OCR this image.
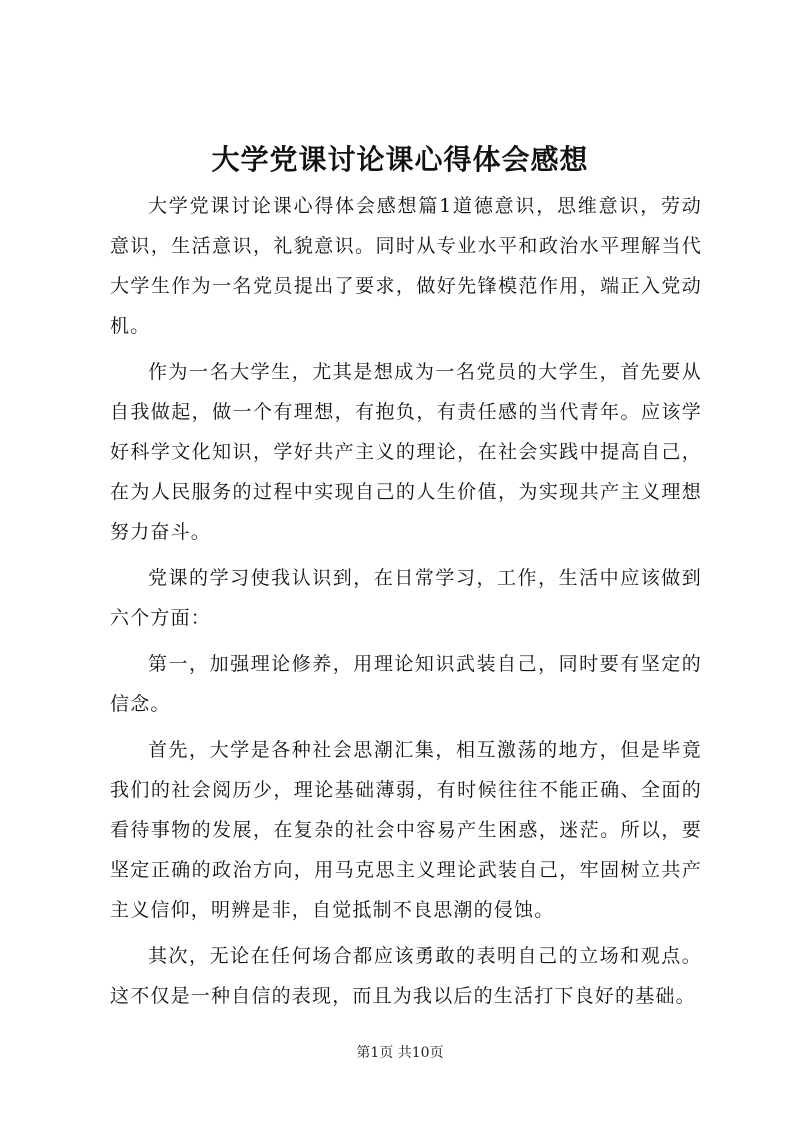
大学党课讨论课心得体会感想

大学党课讨论课心得体会感想篇1道德意识，思维意识，劳动意识，生活意识，礼貌意识。同时从专业水平和政治水平理解当代大学生作为一名党员提出了要求，做好先锋模范作用，端正入党动机。

作为一名大学生，尤其是想成为一名党员的大学生，首先要从自我做起，做一个有理想，有抱负，有责任感的当代青年。应该学好科学文化知识，学好共产主义的理论，在社会实践中提高自己，在为人民服务的过程中实现自己的人生价值，为实现共产主义理想努力奋斗。

党课的学习使我认识到，在日常学习，工作，生活中应该做到六个方面：

第一，加强理论修养，用理论知识武装自己，同时要有坚定的信念。

首先，大学是各种社会思潮汇集，相互激荡的地方，但是毕竟我们的社会阅历少，理论基础薄弱，有时候往往不能正确、全面的看待事物的发展，在复杂的社会中容易产生困惑，迷茫。所以，要坚定正确的政治方向，用马克思主义理论武装自己，牢固树立共产主义信仰，明辨是非，自觉抵制不良思潮的侵蚀。

其次，无论在任何场合都应该勇敢的表明自己的立场和观点。这不仅是一种自信的表现，而且为我以后的生活打下良好的基础。

第1页 共10页
